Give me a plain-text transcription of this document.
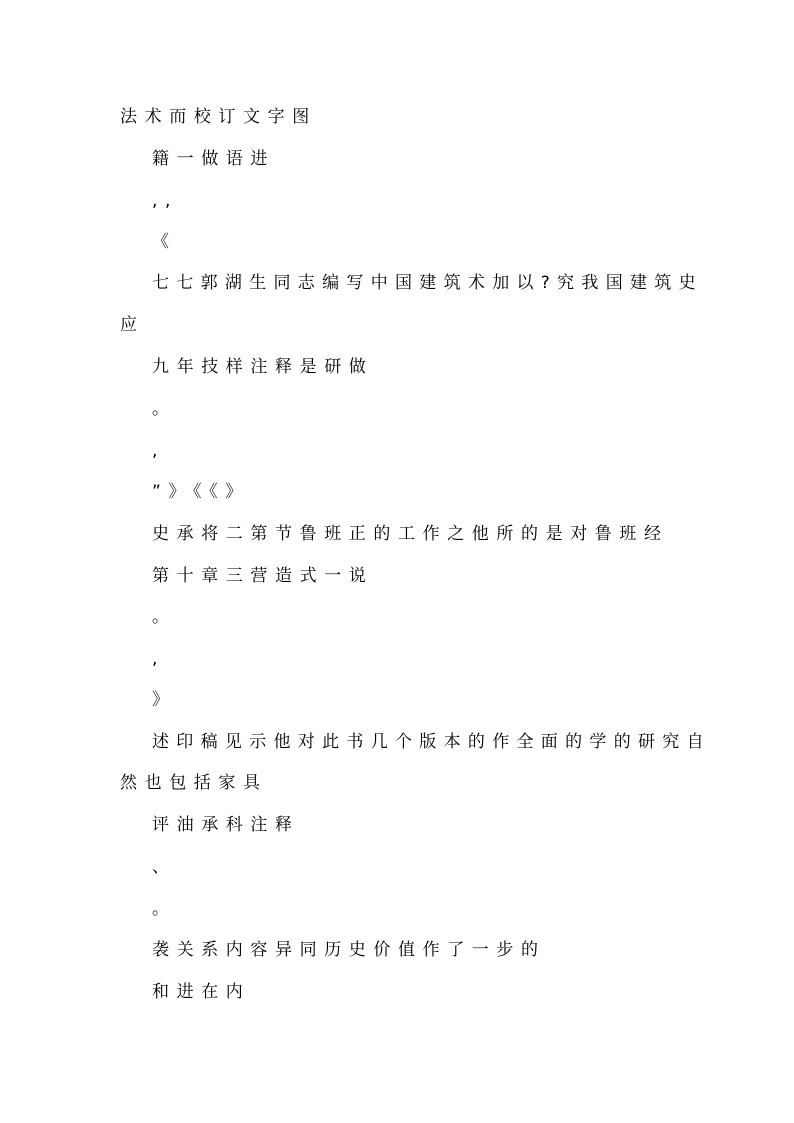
法术而校订文字图

籍一做语进

,,

《

七七郭湖生同志编写中国建筑术加以?究我国建筑史

应

九年技样注释是研做

。

,

”》《《》

史承将二第节鲁班正的工作之他所的是对鲁班经

第十章三营造式一说

。

,

》

述印稿见示他对此书几个版本的作全面的学的研究自

然也包括家具

评油承科注释

、

。

袭关系内容异同历史价值作了一步的

和进在内
